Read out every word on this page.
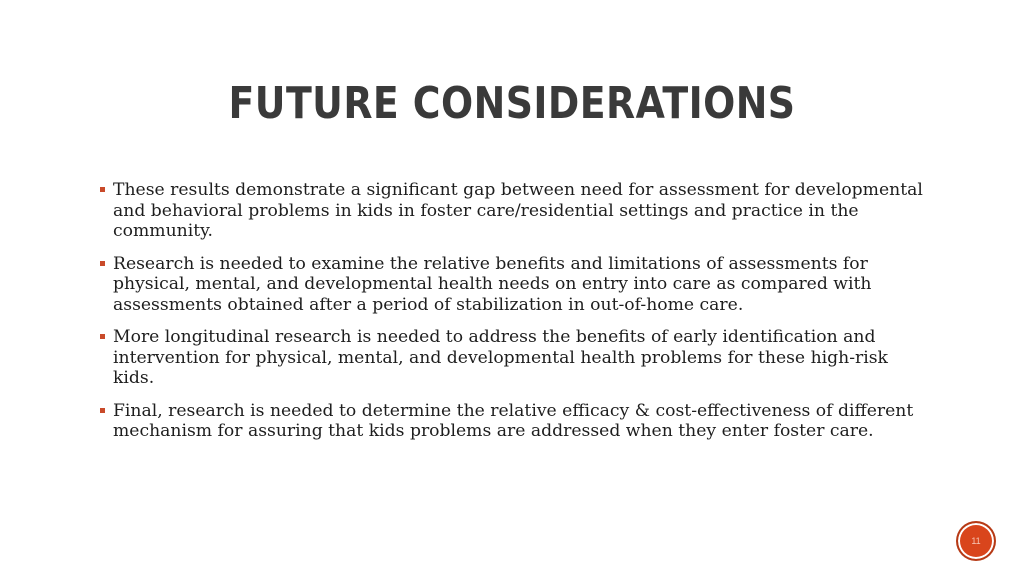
FUTURE CONSIDERATIONS
These results demonstrate a significant gap between need for assessment for developmental and behavioral problems in kids in foster care/residential settings and practice in the community.
Research is needed to examine the relative benefits and limitations of assessments for physical, mental, and developmental health needs on entry into care as compared with assessments obtained after a period of stabilization in out-of-home care.
More longitudinal research is needed to address the benefits of early identification and intervention for physical, mental, and developmental health problems for these high-risk kids.
Final, research is needed to determine the relative efficacy & cost-effectiveness of different mechanism for assuring that kids problems are addressed when they enter foster care.
11
